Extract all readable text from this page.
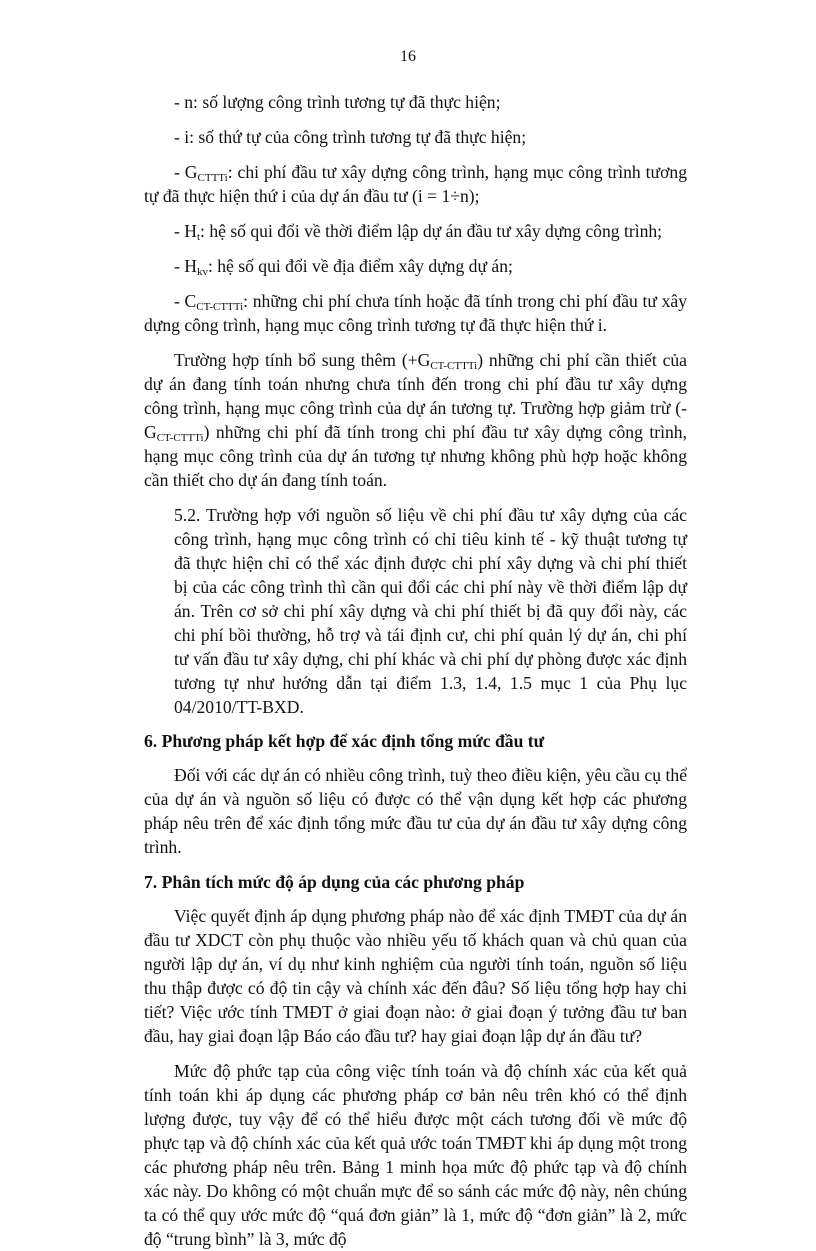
16

- n: số lượng công trình tương tự đã thực hiện;

- i: số thứ tự của công trình tương tự đã thực hiện;

- $G_{CTTTi}$: chi phí đầu tư xây dựng công trình, hạng mục công trình tương tự đã thực hiện thứ i của dự án đầu tư (i = 1÷n);

- $H_t$: hệ số qui đổi về thời điểm lập dự án đầu tư xây dựng công trình;

- $H_{kv}$: hệ số qui đổi về địa điểm xây dựng dự án;

- $C_{CT-CTTTi}$: những chi phí chưa tính hoặc đã tính trong chi phí đầu tư xây dựng công trình, hạng mục công trình tương tự đã thực hiện thứ i.

Trường hợp tính bổ sung thêm $(+G_{CT-CTTTi})$ những chi phí cần thiết của dự án đang tính toán nhưng chưa tính đến trong chi phí đầu tư xây dựng công trình, hạng mục công trình của dự án tương tự. Trường hợp giảm trừ $(-G_{CT-CTTTi})$ những chi phí đã tính trong chi phí đầu tư xây dựng công trình, hạng mục công trình của dự án tương tự nhưng không phù hợp hoặc không cần thiết cho dự án đang tính toán.

5.2. Trường hợp với nguồn số liệu về chi phí đầu tư xây dựng của các công trình, hạng mục công trình có chỉ tiêu kinh tế - kỹ thuật tương tự đã thực hiện chỉ có thể xác định được chi phí xây dựng và chi phí thiết bị của các công trình thì cần qui đổi các chi phí này về thời điểm lập dự án. Trên cơ sở chi phí xây dựng và chi phí thiết bị đã quy đổi này, các chi phí bồi thường, hỗ trợ và tái định cư, chi phí quản lý dự án, chi phí tư vấn đầu tư xây dựng, chi phí khác và chi phí dự phòng được xác định tương tự như hướng dẫn tại điểm 1.3, 1.4, 1.5 mục 1 của Phụ lục 04/2010/TT-BXD.

6. Phương pháp kết hợp để xác định tổng mức đầu tư

Đối với các dự án có nhiều công trình, tuỳ theo điều kiện, yêu cầu cụ thể của dự án và nguồn số liệu có được có thể vận dụng kết hợp các phương pháp nêu trên để xác định tổng mức đầu tư của dự án đầu tư xây dựng công trình.

7. Phân tích mức độ áp dụng của các phương pháp

Việc quyết định áp dụng phương pháp nào để xác định TMĐT của dự án đầu tư XDCT còn phụ thuộc vào nhiều yếu tố khách quan và chủ quan của người lập dự án, ví dụ như kinh nghiệm của người tính toán, nguồn số liệu thu thập được có độ tin cậy và chính xác đến đâu? Số liệu tổng hợp hay chi tiết? Việc ước tính TMĐT ở giai đoạn nào: ở giai đoạn ý tưởng đầu tư ban đầu, hay giai đoạn lập Báo cáo đầu tư? hay giai đoạn lập dự án đầu tư?

Mức độ phức tạp của công việc tính toán và độ chính xác của kết quả tính toán khi áp dụng các phương pháp cơ bản nêu trên khó có thể định lượng được, tuy vậy để có thể hiểu được một cách tương đối về mức độ phực tạp và độ chính xác của kết quả ước toán TMĐT khi áp dụng một trong các phương pháp nêu trên. Bảng 1 minh họa mức độ phức tạp và độ chính xác này. Do không có một chuẩn mực để so sánh các mức độ này, nên chúng ta có thể quy ước mức độ “quá đơn giản” là 1, mức độ “đơn giản” là 2, mức độ “trung bình” là 3, mức độ
